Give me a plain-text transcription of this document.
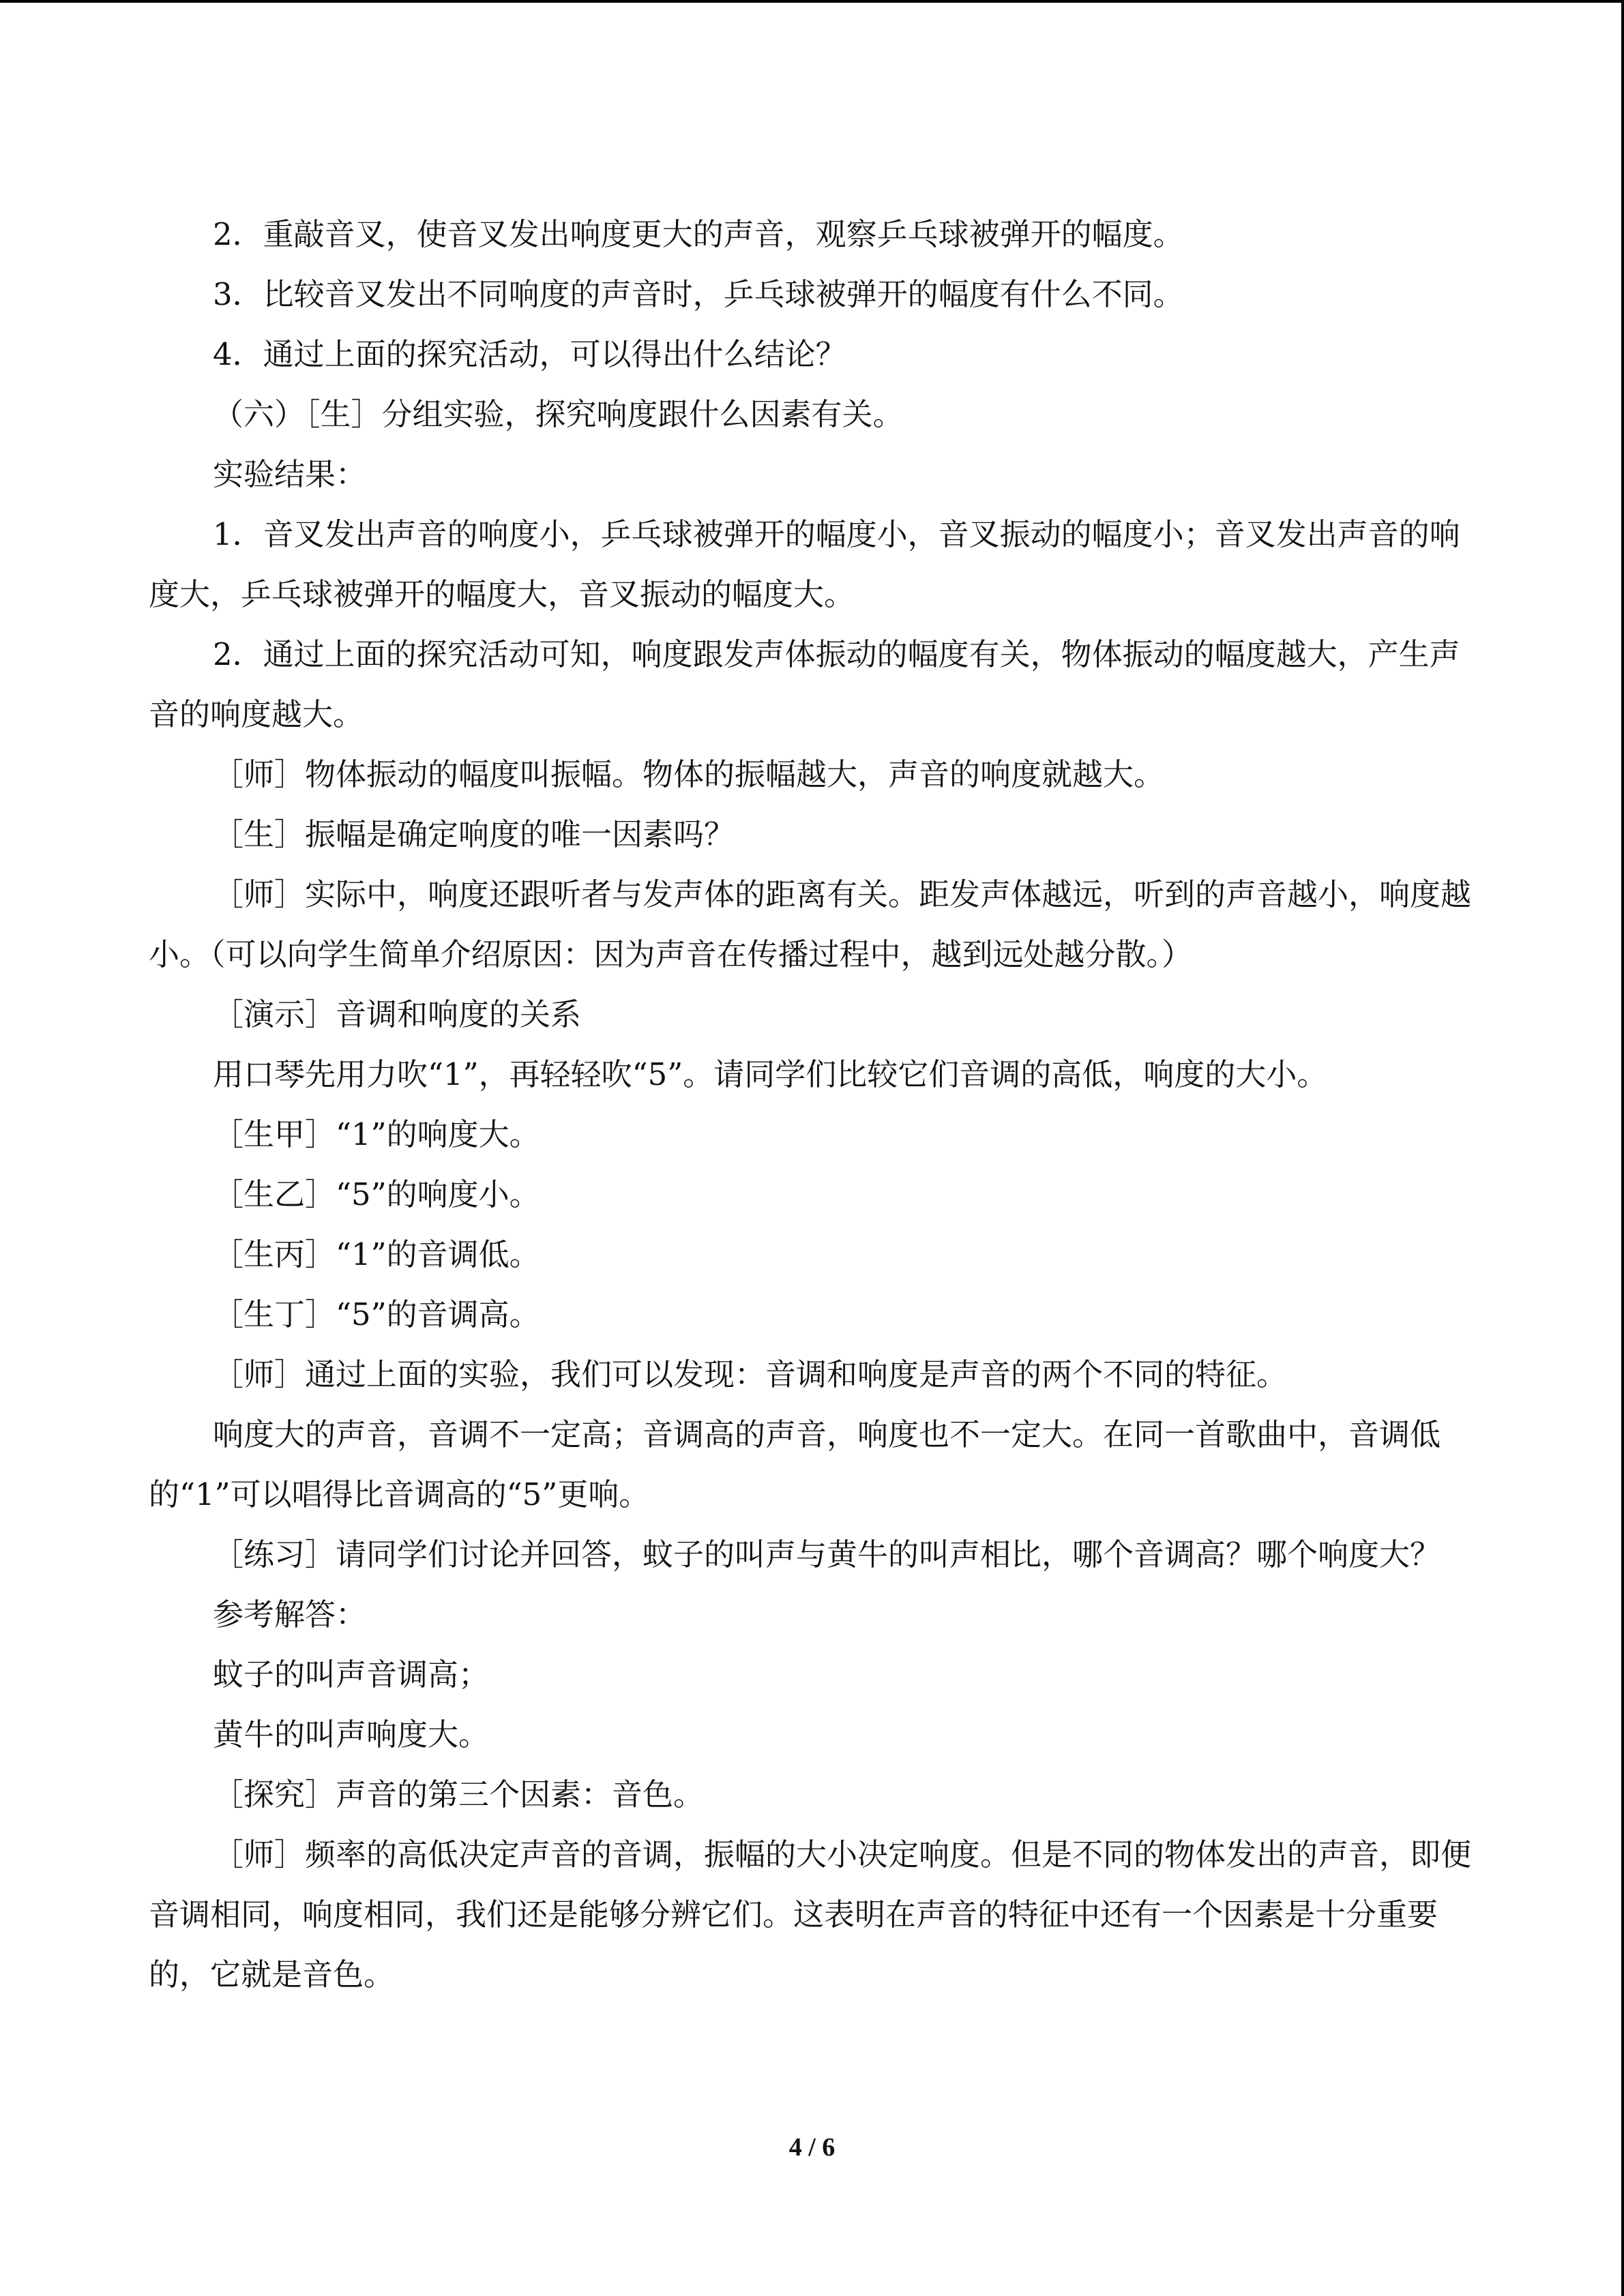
2．重敲音叉，使音叉发出响度更大的声音，观察乒乓球被弹开的幅度。

3．比较音叉发出不同响度的声音时，乒乓球被弹开的幅度有什么不同。

4．通过上面的探究活动，可以得出什么结论？

（六）［生］分组实验，探究响度跟什么因素有关。

实验结果：

1．音叉发出声音的响度小，乒乓球被弹开的幅度小，音叉振动的幅度小；音叉发出声音的响度大，乒乓球被弹开的幅度大，音叉振动的幅度大。

2．通过上面的探究活动可知，响度跟发声体振动的幅度有关，物体振动的幅度越大，产生声音的响度越大。

［师］物体振动的幅度叫振幅。物体的振幅越大，声音的响度就越大。

［生］振幅是确定响度的唯一因素吗？

［师］实际中，响度还跟听者与发声体的距离有关。距发声体越远，听到的声音越小，响度越小。（可以向学生简单介绍原因：因为声音在传播过程中，越到远处越分散。）

［演示］音调和响度的关系

用口琴先用力吹“1”，再轻轻吹“5”。请同学们比较它们音调的高低，响度的大小。

［生甲］“1”的响度大。

［生乙］“5”的响度小。

［生丙］“1”的音调低。

［生丁］“5”的音调高。

［师］通过上面的实验，我们可以发现：音调和响度是声音的两个不同的特征。

响度大的声音，音调不一定高；音调高的声音，响度也不一定大。在同一首歌曲中，音调低的“1”可以唱得比音调高的“5”更响。

［练习］请同学们讨论并回答，蚊子的叫声与黄牛的叫声相比，哪个音调高？哪个响度大？

参考解答：

蚊子的叫声音调高；

黄牛的叫声响度大。

［探究］声音的第三个因素：音色。

［师］频率的高低决定声音的音调，振幅的大小决定响度。但是不同的物体发出的声音，即便音调相同，响度相同，我们还是能够分辨它们。这表明在声音的特征中还有一个因素是十分重要的，它就是音色。

4 / 6
